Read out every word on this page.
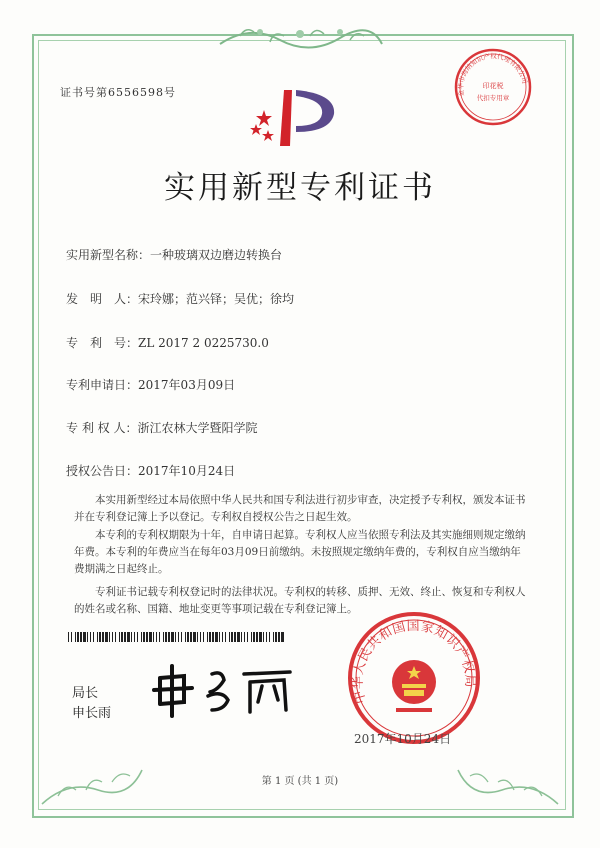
证书号第6556598号	金华市海纳知识产权代理有限公司
印花税
代扣专用章
实用新型专利证书
实用新型名称：一种玻璃双边磨边转换台
发　明　人：宋玲娜；范兴铎；吴优；徐均
专　利　号：ZL 2017 2 0225730.0
专利申请日：2017年03月09日
专 利 权 人：浙江农林大学暨阳学院
授权公告日：2017年10月24日

本实用新型经过本局依照中华人民共和国专利法进行初步审查，决定授予专利权，颁发本证书并在专利登记簿上予以登记。专利权自授权公告之日起生效。

本专利的专利权期限为十年，自申请日起算。专利权人应当依照专利法及其实施细则规定缴纳年费。本专利的年费应当在每年03月09日前缴纳。未按照规定缴纳年费的，专利权自应当缴纳年费期满之日起终止。

专利证书记载专利权登记时的法律状况。专利权的转移、质押、无效、终止、恢复和专利权人的姓名或名称、国籍、地址变更等事项记载在专利登记簿上。

局长
申长雨
中华人民共和国国家知识产权局
2017年10月24日
第 1 页 (共 1 页)
